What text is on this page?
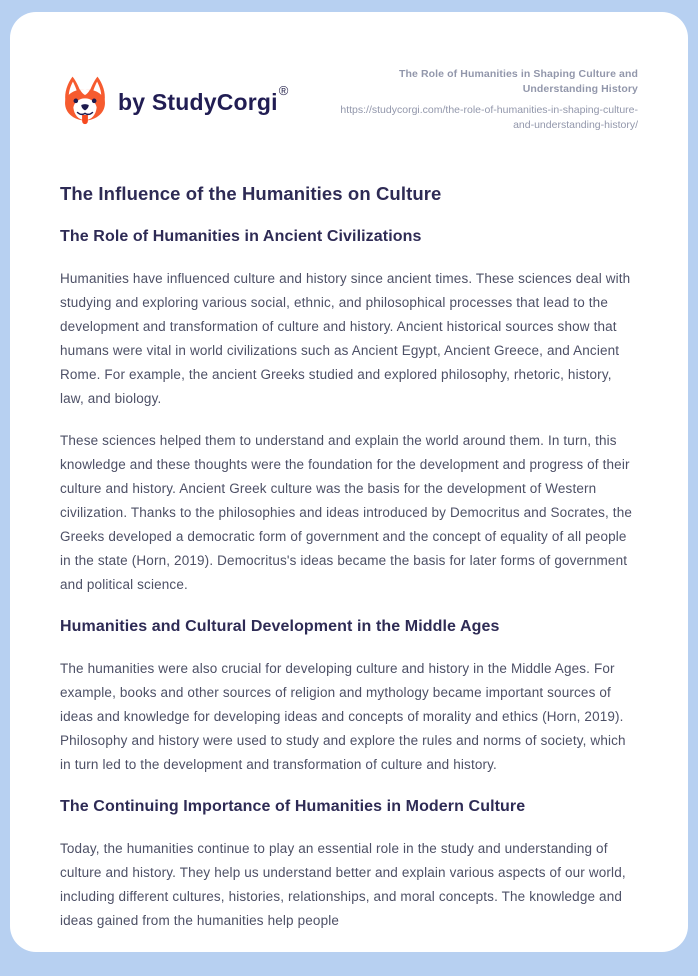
by StudyCorgi®
The Role of Humanities in Shaping Culture and Understanding History
https://studycorgi.com/the-role-of-humanities-in-shaping-culture-and-understanding-history/
The Influence of the Humanities on Culture
The Role of Humanities in Ancient Civilizations

Humanities have influenced culture and history since ancient times. These sciences deal with studying and exploring various social, ethnic, and philosophical processes that lead to the development and transformation of culture and history. Ancient historical sources show that humans were vital in world civilizations such as Ancient Egypt, Ancient Greece, and Ancient Rome. For example, the ancient Greeks studied and explored philosophy, rhetoric, history, law, and biology.

These sciences helped them to understand and explain the world around them. In turn, this knowledge and these thoughts were the foundation for the development and progress of their culture and history. Ancient Greek culture was the basis for the development of Western civilization. Thanks to the philosophies and ideas introduced by Democritus and Socrates, the Greeks developed a democratic form of government and the concept of equality of all people in the state (Horn, 2019). Democritus's ideas became the basis for later forms of government and political science.

Humanities and Cultural Development in the Middle Ages

The humanities were also crucial for developing culture and history in the Middle Ages. For example, books and other sources of religion and mythology became important sources of ideas and knowledge for developing ideas and concepts of morality and ethics (Horn, 2019). Philosophy and history were used to study and explore the rules and norms of society, which in turn led to the development and transformation of culture and history.

The Continuing Importance of Humanities in Modern Culture

Today, the humanities continue to play an essential role in the study and understanding of culture and history. They help us understand better and explain various aspects of our world, including different cultures, histories, relationships, and moral concepts. The knowledge and ideas gained from the humanities help people
